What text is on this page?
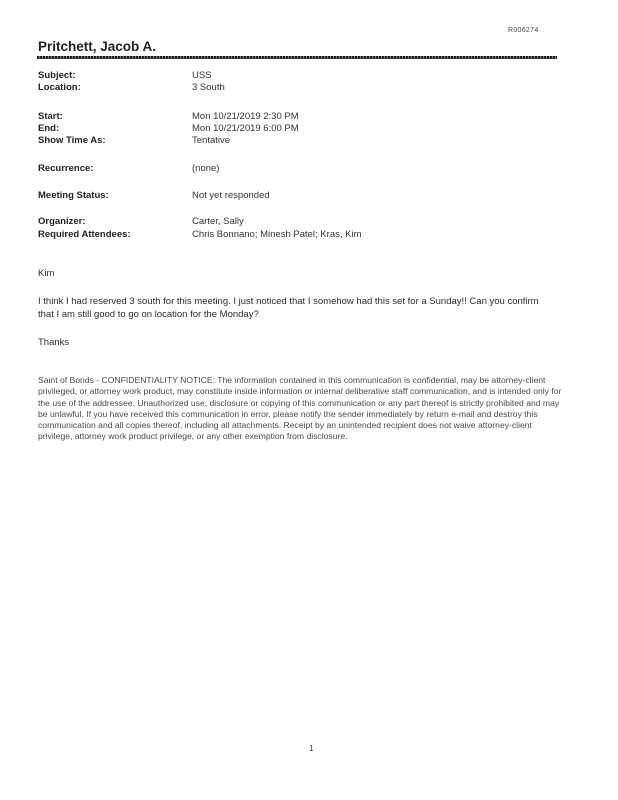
R006274
Pritchett, Jacob A.
Subject:	USS
Location:	3 South
Start:	Mon 10/21/2019 2:30 PM
End:	Mon 10/21/2019 6:00 PM
Show Time As:	Tentative
Recurrence:	(none)
Meeting Status:	Not yet responded
Organizer:	Carter, Sally
Required Attendees:	Chris Bonnano; Minesh Patel; Kras, Kim
Kim
I think I had reserved 3 south for this meeting. I just noticed that I somehow had this set for a Sunday!! Can you confirm that I am still good to go on location for the Monday?
Thanks
Saint of Bonds - CONFIDENTIALITY NOTICE: The information contained in this communication is confidential, may be attorney-client privileged, or attorney work product, may constitute inside information or internal deliberative staff communication, and is intended only for the use of the addressee. Unauthorized use, disclosure or copying of this communication or any part thereof is strictly prohibited and may be unlawful. If you have received this communication in error, please notify the sender immediately by return e-mail and destroy this communication and all copies thereof, including all attachments. Receipt by an unintended recipient does not waive attorney-client privilege, attorney work product privilege, or any other exemption from disclosure.
1
